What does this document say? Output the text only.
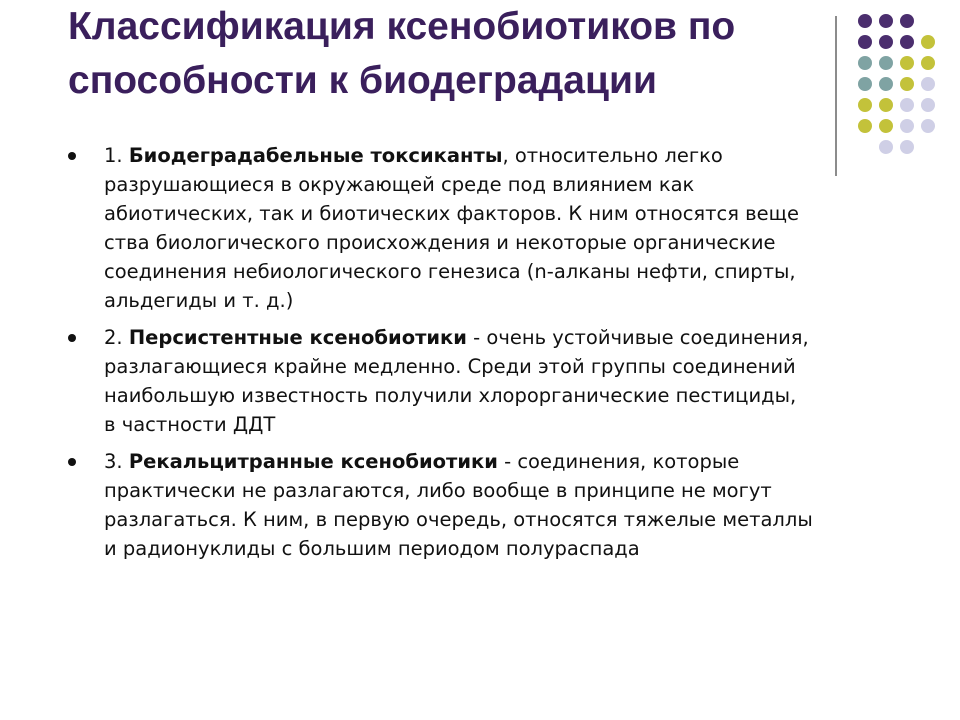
Классификация ксенобиотиков по
способности к биодеградации
1. Биодеградабельные токсиканты, относительно легко
разрушающиеся в окружающей среде под влиянием как
абиотических, так и биотических факторов. К ним относятся веще
ства биологического происхождения и некоторые органические
соединения небиологического генезиса (n-алканы нефти, спирты,
альдегиды и т. д.)
2. Персистентные ксенобиотики - очень устойчивые соединения,
разлагающиеся крайне медленно. Среди этой группы соединений
наибольшую известность получили хлорорганические пестициды,
в частности ДДТ
3. Рекальцитранные ксенобиотики - соединения, которые
практически не разлагаются, либо вообще в принципе не могут
разлагаться. К ним, в первую очередь, относятся тяжелые металлы
и радионуклиды с большим периодом полураспада
